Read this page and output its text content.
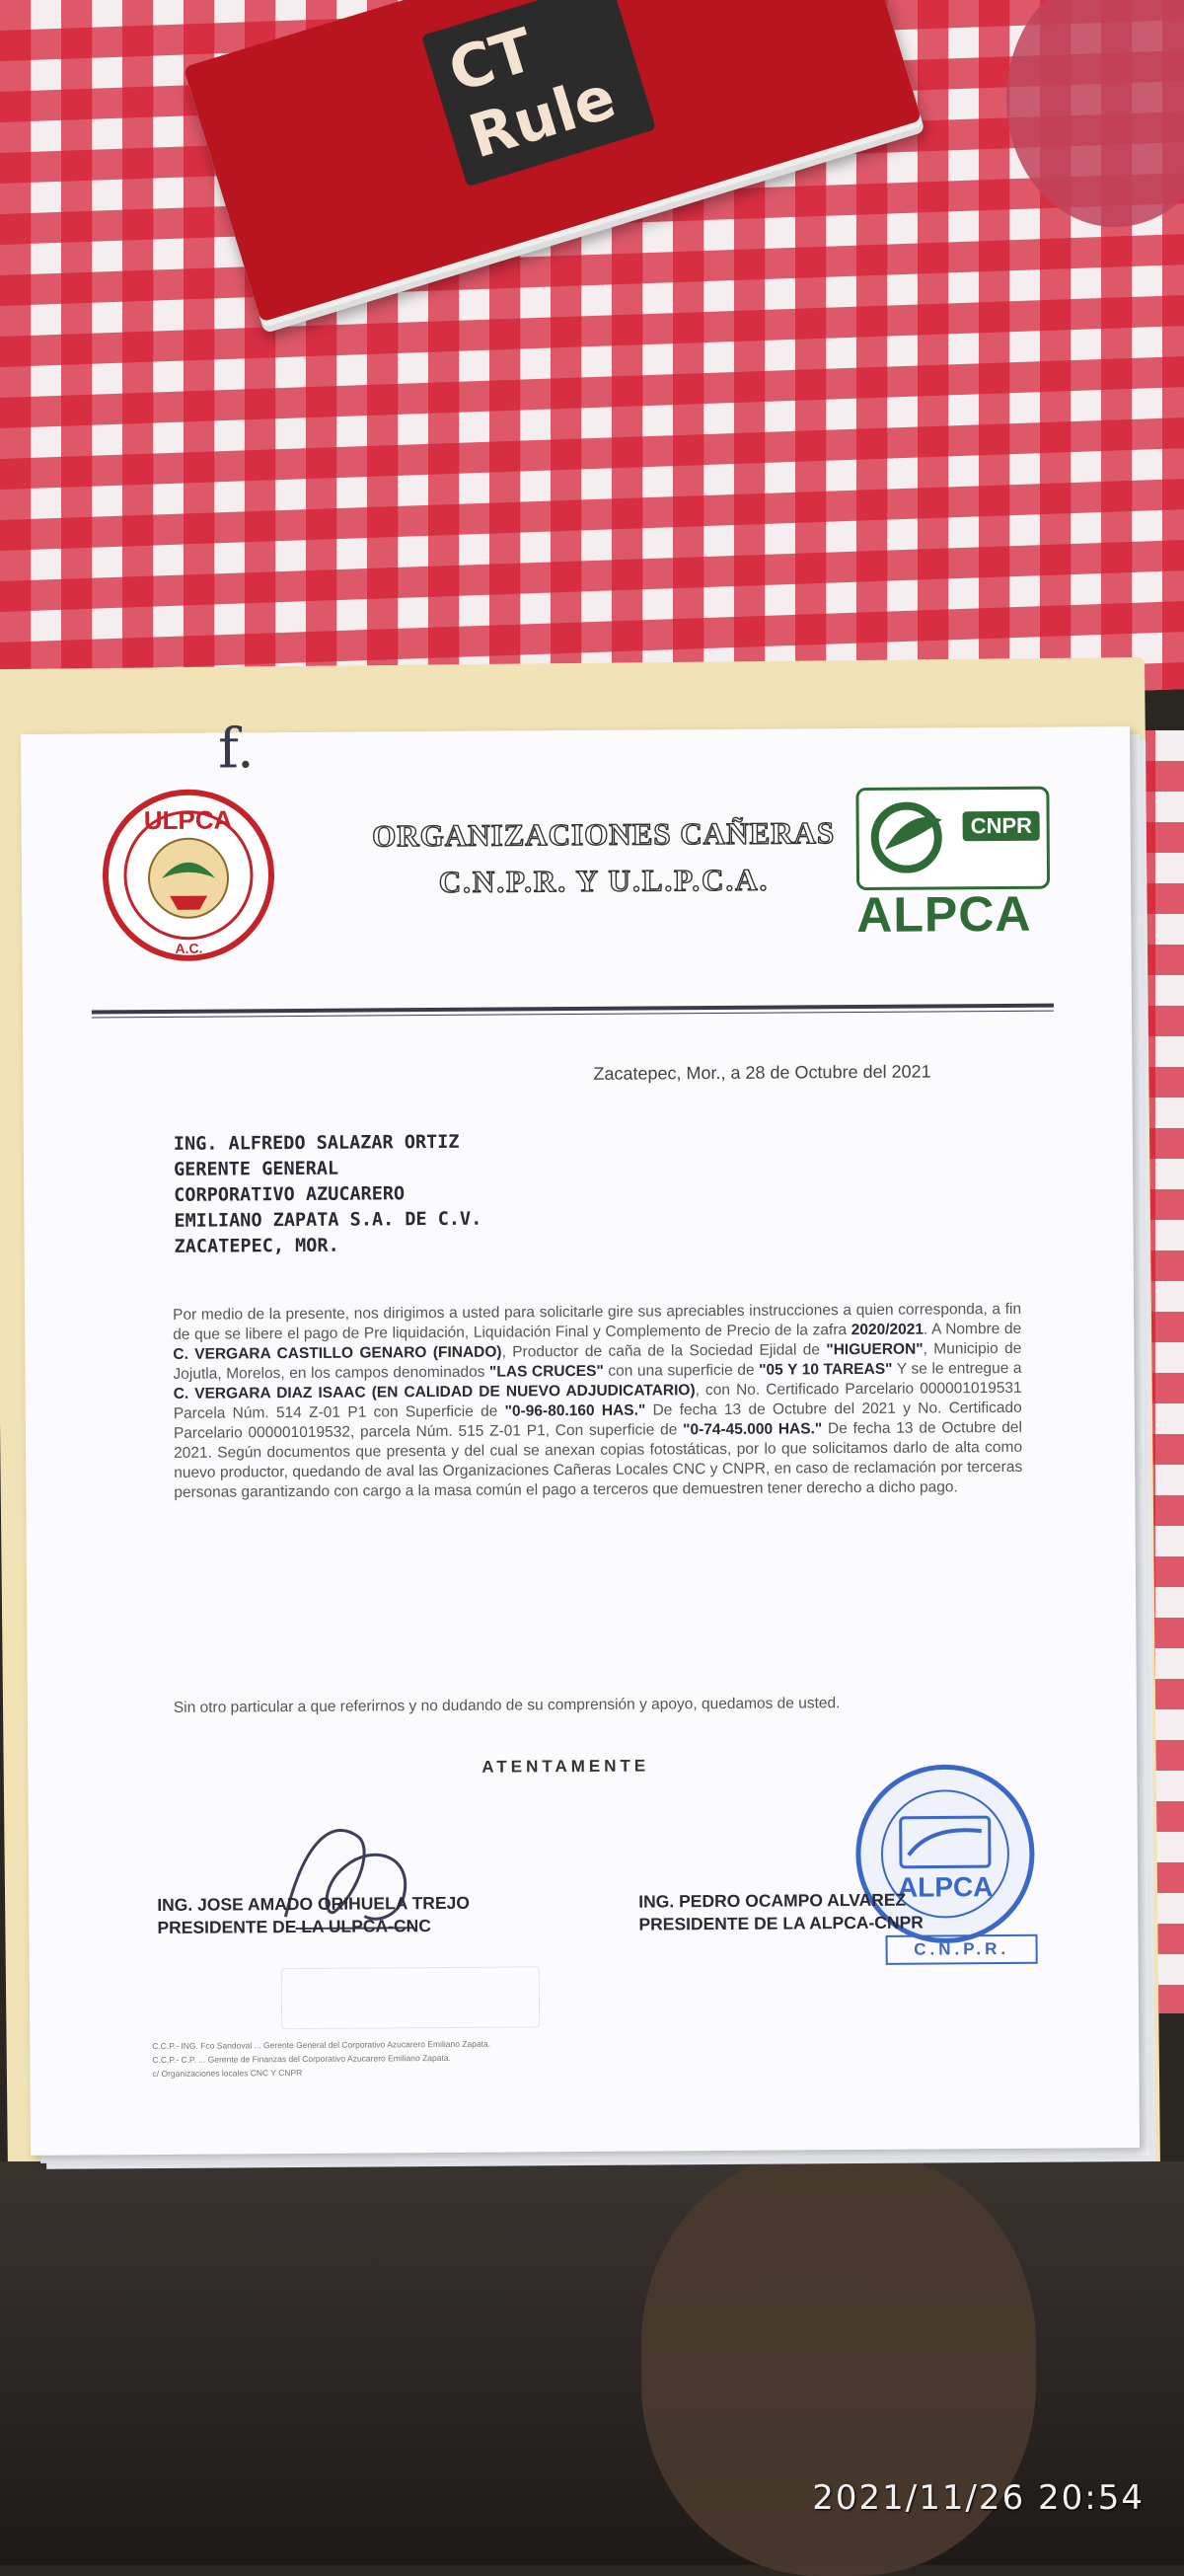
CT
Rule
f.
ULPCA
A.C.
ORGANIZACIONES CAÑERAS
C.N.P.R. Y U.L.P.C.A.
CNPR
ALPCA
Zacatepec, Mor., a 28 de Octubre del 2021
ING. ALFREDO SALAZAR ORTIZ
GERENTE GENERAL
CORPORATIVO AZUCARERO
EMILIANO ZAPATA S.A. DE C.V.
ZACATEPEC, MOR.
Por medio de la presente, nos dirigimos a usted para solicitarle gire sus apreciables instrucciones a quien corresponda, a fin de que se libere el pago de Pre liquidación, Liquidación Final y Complemento de Precio de la zafra 2020/2021. A Nombre de C. VERGARA CASTILLO GENARO (FINADO), Productor de caña de la Sociedad Ejidal de "HIGUERON", Municipio de Jojutla, Morelos, en los campos denominados "LAS CRUCES" con una superficie de "05 Y 10 TAREAS" Y se le entregue a C. VERGARA DIAZ ISAAC (EN CALIDAD DE NUEVO ADJUDICATARIO), con No. Certificado Parcelario 000001019531 Parcela Núm. 514 Z-01 P1 con Superficie de "0-96-80.160 HAS." De fecha 13 de Octubre del 2021 y No. Certificado Parcelario 000001019532, parcela Núm. 515 Z-01 P1, Con superficie de "0-74-45.000 HAS." De fecha 13 de Octubre del 2021. Según documentos que presenta y del cual se anexan copias fotostáticas, por lo que solicitamos darlo de alta como nuevo productor, quedando de aval las Organizaciones Cañeras Locales CNC y CNPR, en caso de reclamación por terceras personas garantizando con cargo a la masa común el pago a terceros que demuestren tener derecho a dicho pago.
Sin otro particular a que referirnos y no dudando de su comprensión y apoyo, quedamos de usted.
ATENTAMENTE
ALPCA
ING. JOSE AMADO ORIHUELA TREJO
PRESIDENTE DE LA ULPCA-CNC
ING. PEDRO OCAMPO ALVAREZ
PRESIDENTE DE LA ALPCA-CNPR
C.N.P.R.
C.C.P.- ING. Fco Sandoval ... Gerente General del Corporativo Azucarero Emiliano Zapata.
C.C.P.- C.P. ... Gerente de Finanzas del Corporativo Azucarero Emiliano Zapata.
c/ Organizaciones locales CNC Y CNPR
2021/11/26 20:54
